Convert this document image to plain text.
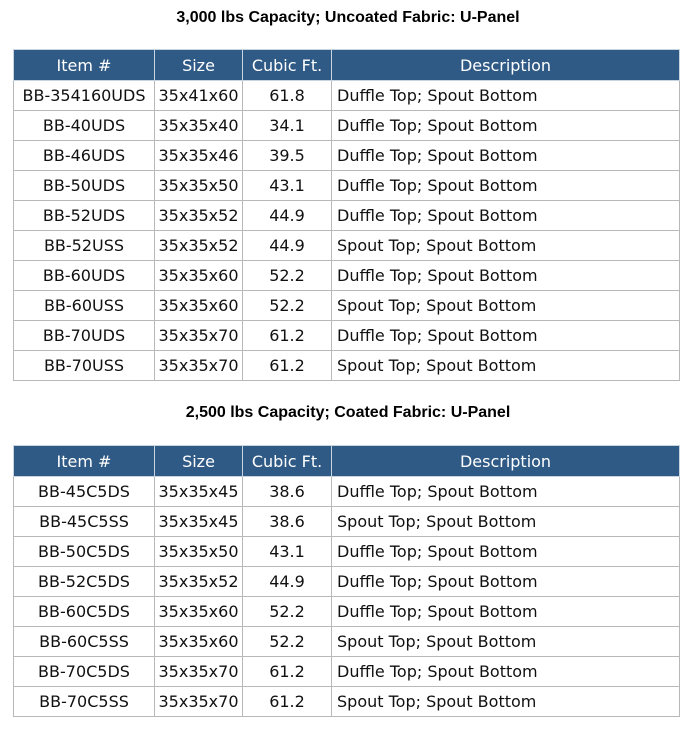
3,000 lbs Capacity; Uncoated Fabric: U-Panel
Item #	Size	Cubic Ft.	Description
BB-354160UDS	35x41x60	61.8	Duffle Top; Spout Bottom
BB-40UDS	35x35x40	34.1	Duffle Top; Spout Bottom
BB-46UDS	35x35x46	39.5	Duffle Top; Spout Bottom
BB-50UDS	35x35x50	43.1	Duffle Top; Spout Bottom
BB-52UDS	35x35x52	44.9	Duffle Top; Spout Bottom
BB-52USS	35x35x52	44.9	Spout Top; Spout Bottom
BB-60UDS	35x35x60	52.2	Duffle Top; Spout Bottom
BB-60USS	35x35x60	52.2	Spout Top; Spout Bottom
BB-70UDS	35x35x70	61.2	Duffle Top; Spout Bottom
BB-70USS	35x35x70	61.2	Spout Top; Spout Bottom
2,500 lbs Capacity; Coated Fabric: U-Panel
Item #	Size	Cubic Ft.	Description
BB-45C5DS	35x35x45	38.6	Duffle Top; Spout Bottom
BB-45C5SS	35x35x45	38.6	Spout Top; Spout Bottom
BB-50C5DS	35x35x50	43.1	Duffle Top; Spout Bottom
BB-52C5DS	35x35x52	44.9	Duffle Top; Spout Bottom
BB-60C5DS	35x35x60	52.2	Duffle Top; Spout Bottom
BB-60C5SS	35x35x60	52.2	Spout Top; Spout Bottom
BB-70C5DS	35x35x70	61.2	Duffle Top; Spout Bottom
BB-70C5SS	35x35x70	61.2	Spout Top; Spout Bottom
